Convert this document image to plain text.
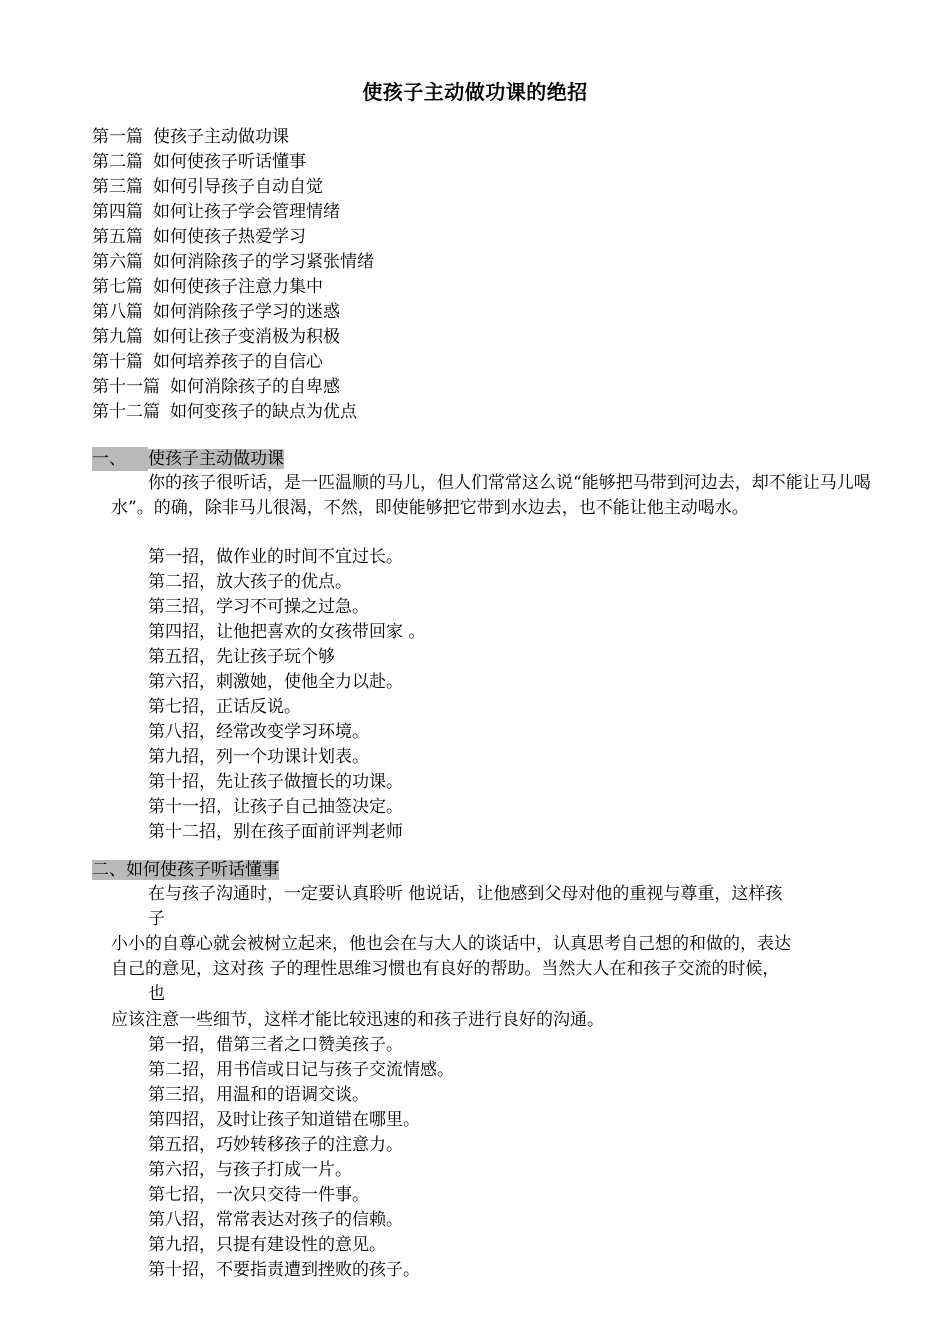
使孩子主动做功课的绝招
第一篇 使孩子主动做功课
第二篇 如何使孩子听话懂事
第三篇 如何引导孩子自动自觉
第四篇 如何让孩子学会管理情绪
第五篇 如何使孩子热爱学习
第六篇 如何消除孩子的学习紧张情绪
第七篇 如何使孩子注意力集中
第八篇 如何消除孩子学习的迷惑
第九篇 如何让孩子变消极为积极
第十篇 如何培养孩子的自信心
第十一篇 如何消除孩子的自卑感
第十二篇 如何变孩子的缺点为优点
一、 使孩子主动做功课
你的孩子很听话，是一匹温顺的马儿，但人们常常这么说“能够把马带到河边去，却不能让马儿喝水”。的确，除非马儿很渴，不然，即使能够把它带到水边去，也不能让他主动喝水。
第一招，做作业的时间不宜过长。
第二招，放大孩子的优点。
第三招，学习不可操之过急。
第四招，让他把喜欢的女孩带回家 。
第五招，先让孩子玩个够
第六招，刺激她，使他全力以赴。
第七招，正话反说。
第八招，经常改变学习环境。
第九招，列一个功课计划表。
第十招，先让孩子做擅长的功课。
第十一招，让孩子自己抽签决定。
第十二招，别在孩子面前评判老师
二、如何使孩子听话懂事
在与孩子沟通时，一定要认真聆听 他说话，让他感到父母对他的重视与尊重，这样孩
子
小小的自尊心就会被树立起来，他也会在与大人的谈话中，认真思考自己想的和做的，表达
自己的意见，这对孩 子的理性思维习惯也有良好的帮助。当然大人在和孩子交流的时候，
也
应该注意一些细节，这样才能比较迅速的和孩子进行良好的沟通。
第一招，借第三者之口赞美孩子。
第二招，用书信或日记与孩子交流情感。
第三招，用温和的语调交谈。
第四招，及时让孩子知道错在哪里。
第五招，巧妙转移孩子的注意力。
第六招，与孩子打成一片。
第七招，一次只交待一件事。
第八招，常常表达对孩子的信赖。
第九招，只提有建设性的意见。
第十招，不要指责遭到挫败的孩子。
